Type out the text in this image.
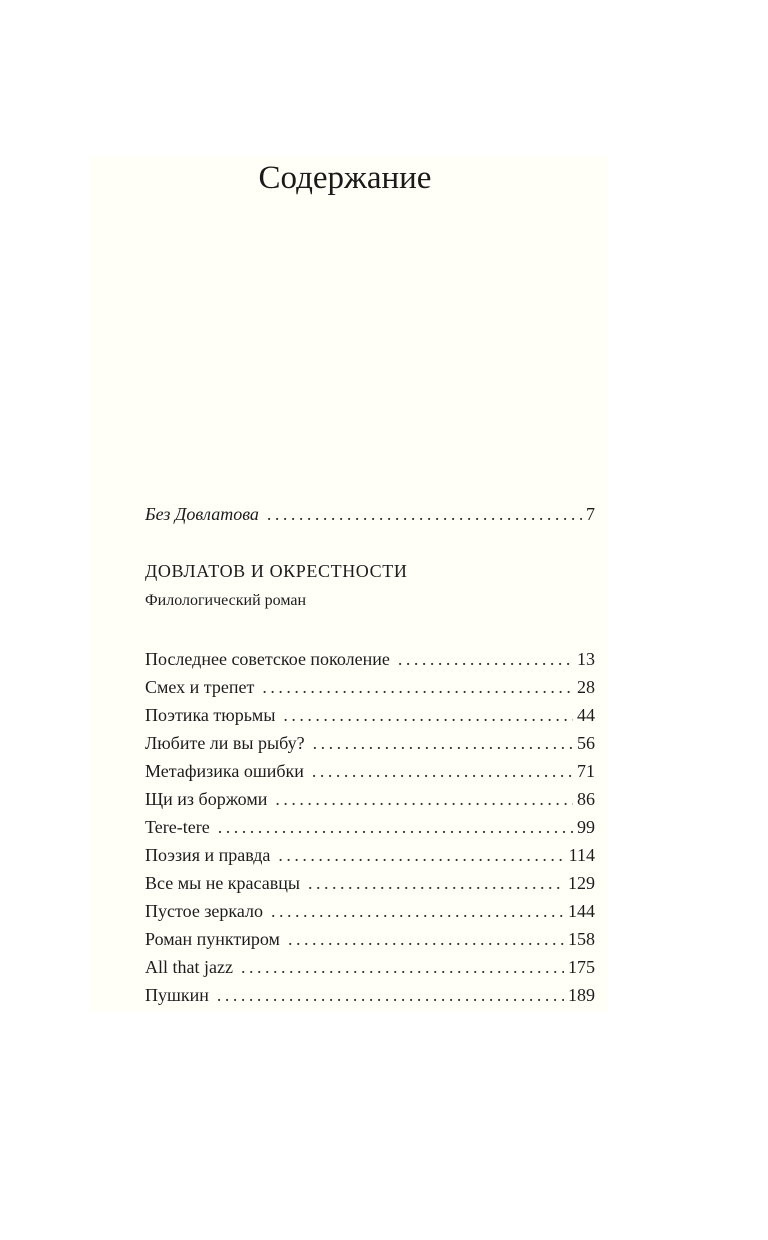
Содержание
Без Довлатова . . .	7
ДОВЛАТОВ И ОКРЕСТНОСТИ

Филологический роман

Последнее советское поколение . . .	13
Смех и трепет . . .	28
Поэтика тюрьмы . . .	44
Любите ли вы рыбу? . . .	56
Метафизика ошибки . . .	71
Щи из боржоми . . .	86
Tere-tere . . .	99
Поэзия и правда . . .	114
Все мы не красавцы . . .	129
Пустое зеркало . . .	144
Роман пунктиром . . .	158
All that jazz . . .	175
Пушкин . . .	189
